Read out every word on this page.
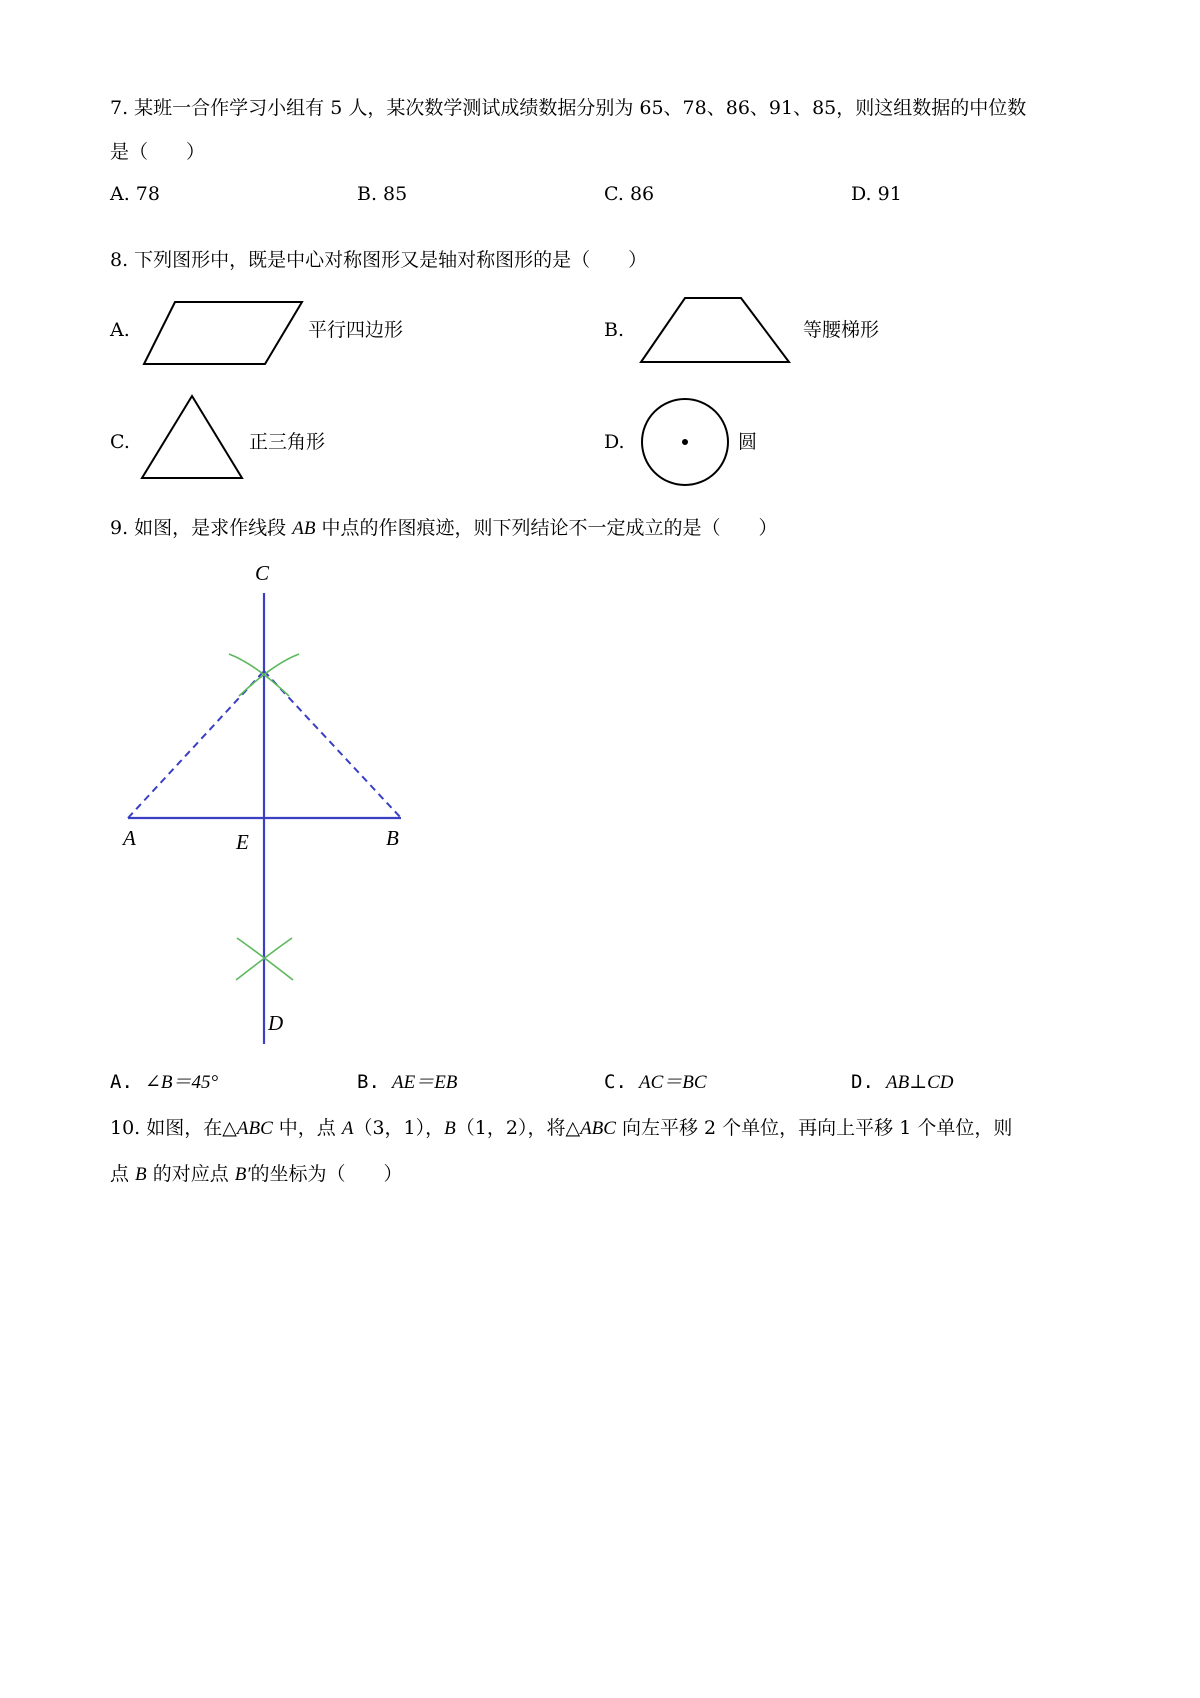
7. 某班一合作学习小组有 5 人，某次数学测试成绩数据分别为 65、78、86、91、85，则这组数据的中位数
是（　　）
A. 78	B. 85	C. 86	D. 91
8. 下列图形中，既是中心对称图形又是轴对称图形的是（　　）
A.	平行四边形	B.	等腰梯形
C.	正三角形	D.	圆
9. 如图，是求作线段 AB 中点的作图痕迹，则下列结论不一定成立的是（　　）
C
A	E	B
D
A. ∠B＝45°	B. AE＝EB	C. AC＝BC	D. AB⊥CD
10. 如图，在△ABC 中，点 A（3，1），B（1，2），将△ABC 向左平移 2 个单位，再向上平移 1 个单位，则
点 B 的对应点 B′的坐标为（　　）
